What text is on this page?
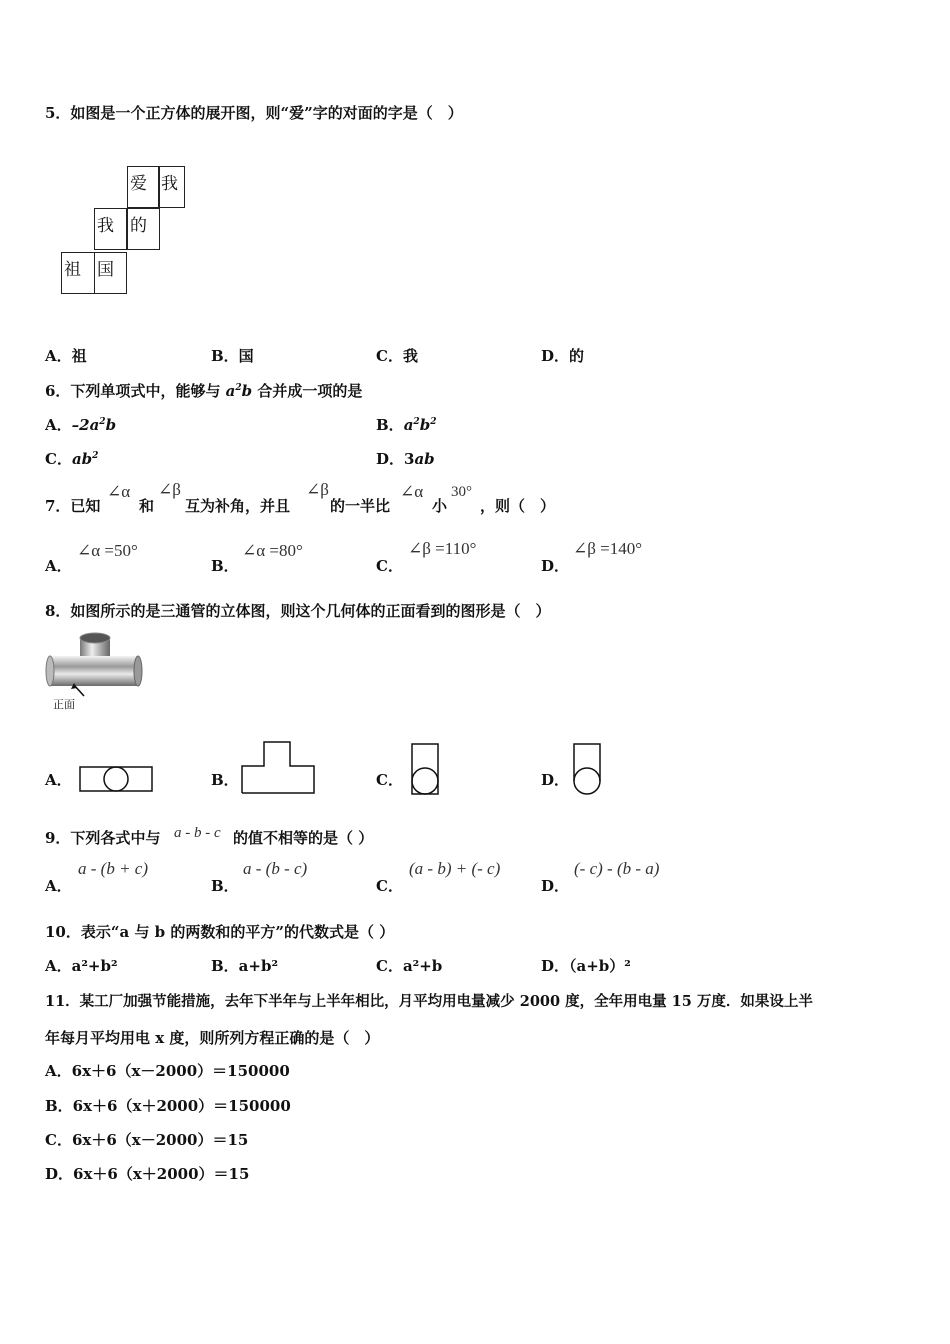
5．如图是一个正方体的展开图，则“爱”字的对面的字是（　）
爱 我
我 的
祖 国
A．祖	B．国	C．我	D．的
6．下列单项式中，能够与 $a^2b$ 合并成一项的是
A．$-2a^2b$	B．$a^2b^2$
C．$ab^2$	D．3ab
7．已知
∠α
和
∠β
互为补角，并且
∠β
的一半比
∠α
小
30°
，则（　）
A．
∠α =50°
B．
∠α =80°
C．
∠β =110°
D．
∠β =140°
8．如图所示的是三通管的立体图，则这个几何体的正面看到的图形是（　）
正面
A．	B．	C．	D．
9．下列各式中与 a - b - c 的值不相等的是（ ）
A．
a - (b + c)
B．
a - (b - c)
C．
(a - b) + (- c)
D．
(- c) - (b - a)
10．表示“a 与 b 的两数和的平方”的代数式是（ ）
A．a²+b²	B．a+b²	C．a²+b	D．（a+b）²
11．某工厂加强节能措施，去年下半年与上半年相比，月平均用电量减少 2000 度，全年用电量 15 万度．如果设上半
年每月平均用电 x 度，则所列方程正确的是（　）
A．6x＋6（x－2000）＝150000
B．6x＋6（x＋2000）＝150000
C．6x＋6（x－2000）＝15
D．6x＋6（x＋2000）＝15
